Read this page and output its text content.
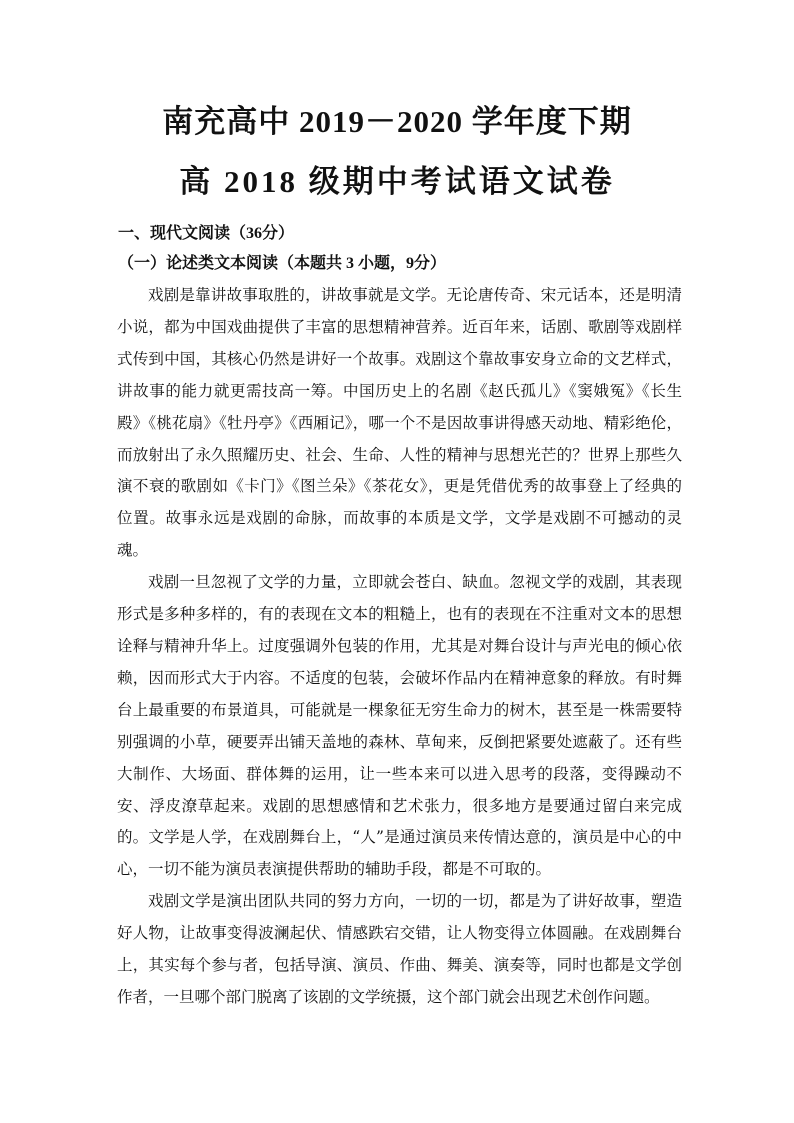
南充高中 2019－2020 学年度下期
高 2018 级期中考试语文试卷
一、现代文阅读（36分）
（一）论述类文本阅读（本题共 3 小题，9分）

戏剧是靠讲故事取胜的，讲故事就是文学。无论唐传奇、宋元话本，还是明清小说，都为中国戏曲提供了丰富的思想精神营养。近百年来，话剧、歌剧等戏剧样式传到中国，其核心仍然是讲好一个故事。戏剧这个靠故事安身立命的文艺样式，讲故事的能力就更需技高一筹。中国历史上的名剧《赵氏孤儿》《窦娥冤》《长生殿》《桃花扇》《牡丹亭》《西厢记》，哪一个不是因故事讲得感天动地、精彩绝伦，而放射出了永久照耀历史、社会、生命、人性的精神与思想光芒的？世界上那些久演不衰的歌剧如《卡门》《图兰朵》《茶花女》，更是凭借优秀的故事登上了经典的位置。故事永远是戏剧的命脉，而故事的本质是文学，文学是戏剧不可撼动的灵魂。

戏剧一旦忽视了文学的力量，立即就会苍白、缺血。忽视文学的戏剧，其表现形式是多种多样的，有的表现在文本的粗糙上，也有的表现在不注重对文本的思想诠释与精神升华上。过度强调外包装的作用，尤其是对舞台设计与声光电的倾心依赖，因而形式大于内容。不适度的包装，会破坏作品内在精神意象的释放。有时舞台上最重要的布景道具，可能就是一棵象征无穷生命力的树木，甚至是一株需要特别强调的小草，硬要弄出铺天盖地的森林、草甸来，反倒把紧要处遮蔽了。还有些大制作、大场面、群体舞的运用，让一些本来可以进入思考的段落，变得躁动不安、浮皮潦草起来。戏剧的思想感情和艺术张力，很多地方是要通过留白来完成的。文学是人学，在戏剧舞台上，“人”是通过演员来传情达意的，演员是中心的中心，一切不能为演员表演提供帮助的辅助手段，都是不可取的。

戏剧文学是演出团队共同的努力方向，一切的一切，都是为了讲好故事，塑造好人物，让故事变得波澜起伏、情感跌宕交错，让人物变得立体圆融。在戏剧舞台上，其实每个参与者，包括导演、演员、作曲、舞美、演奏等，同时也都是文学创作者，一旦哪个部门脱离了该剧的文学统摄，这个部门就会出现艺术创作问题。
